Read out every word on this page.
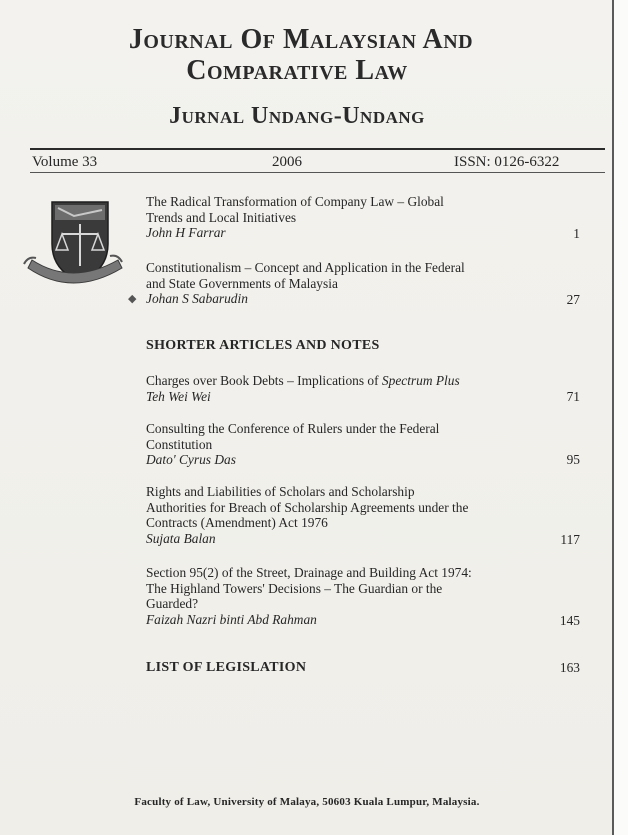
Journal Of Malaysian And
Comparative Law
Jurnal Undang-Undang
Volume 33	2006	ISSN: 0126-6322
◆
The Radical Transformation of Company Law – Global Trends and Local Initiatives
John H Farrar	1
Constitutionalism – Concept and Application in the Federal and State Governments of Malaysia
Johan S Sabarudin	27
SHORTER ARTICLES AND NOTES
Charges over Book Debts – Implications of Spectrum Plus
Teh Wei Wei	71
Consulting the Conference of Rulers under the Federal Constitution
Dato' Cyrus Das	95
Rights and Liabilities of Scholars and Scholarship Authorities for Breach of Scholarship Agreements under the Contracts (Amendment) Act 1976
Sujata Balan	117
Section 95(2) of the Street, Drainage and Building Act 1974: The Highland Towers' Decisions – The Guardian or the Guarded?
Faizah Nazri binti Abd Rahman	145
LIST OF LEGISLATION	163
Faculty of Law, University of Malaya, 50603 Kuala Lumpur, Malaysia.
